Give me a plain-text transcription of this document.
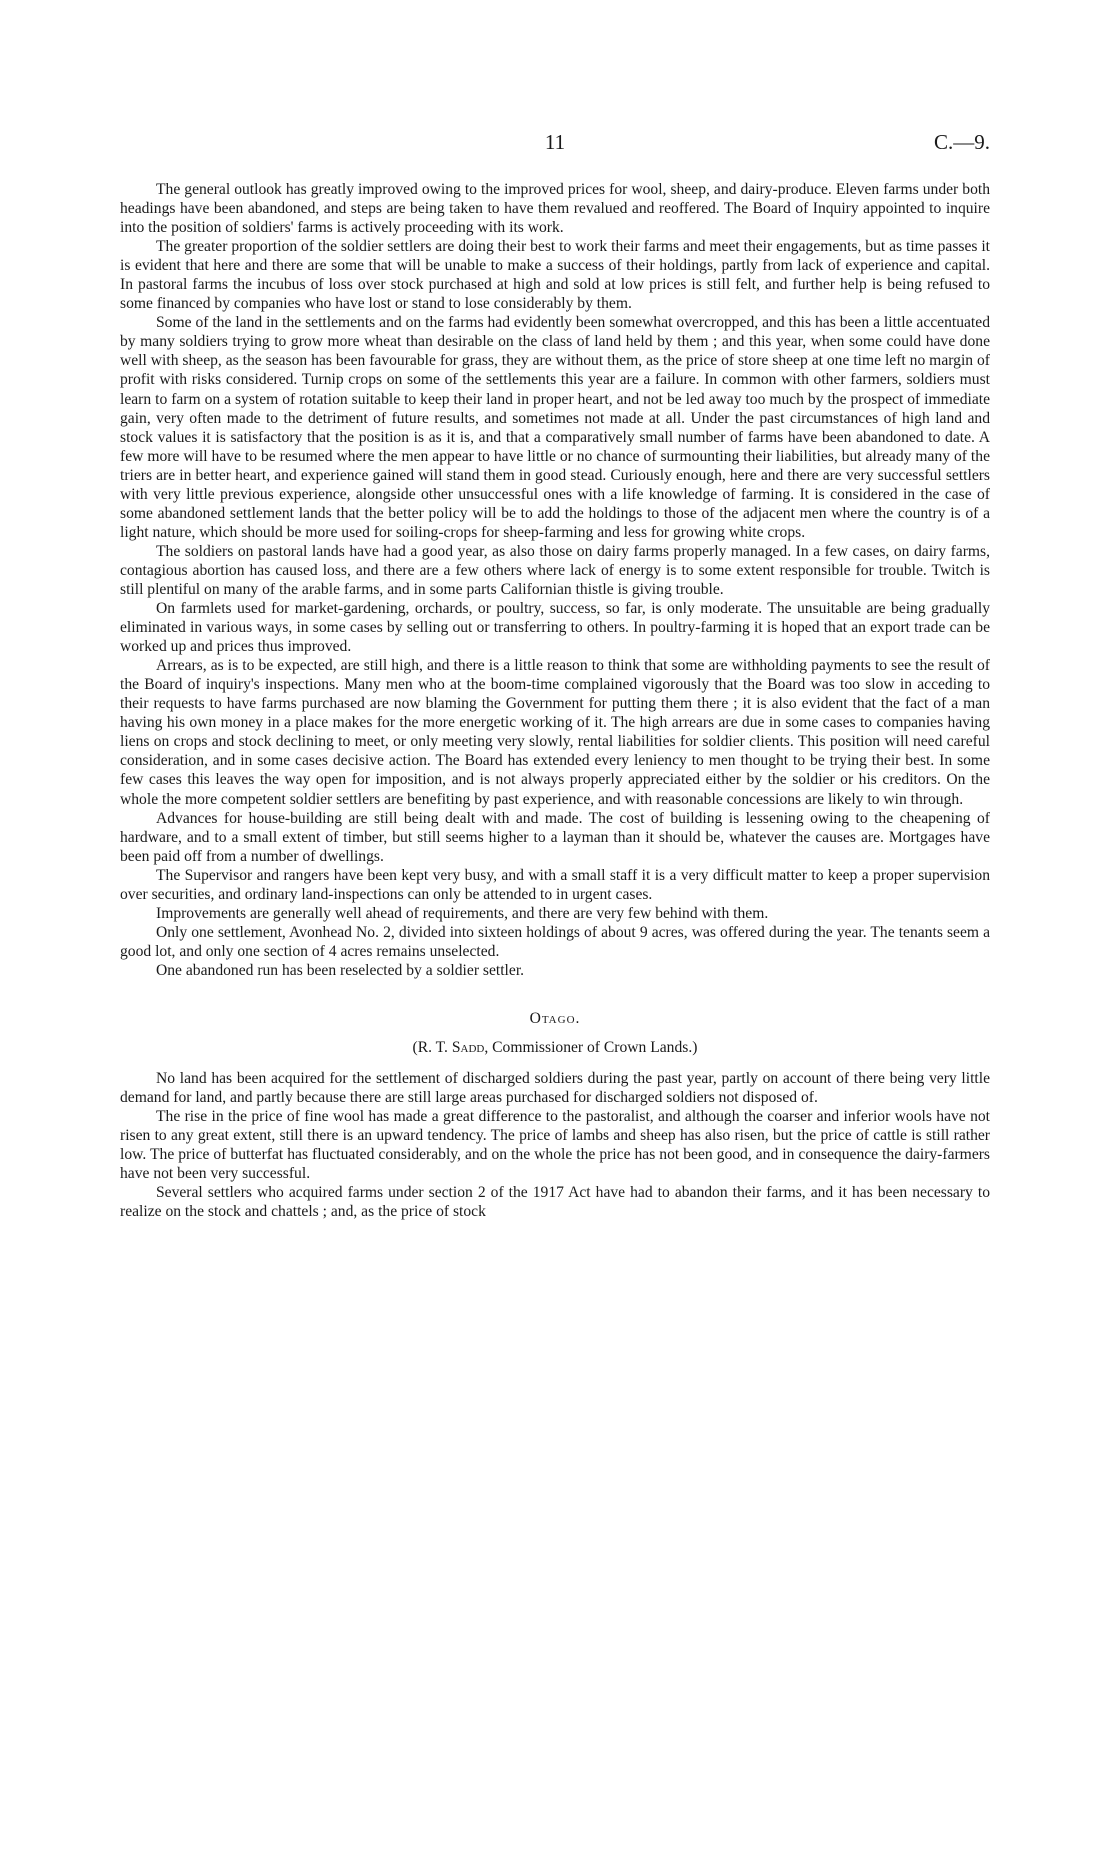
11	C.—9.

The general outlook has greatly improved owing to the improved prices for wool, sheep, and dairy-produce. Eleven farms under both headings have been abandoned, and steps are being taken to have them revalued and reoffered. The Board of Inquiry appointed to inquire into the position of soldiers' farms is actively proceeding with its work.

The greater proportion of the soldier settlers are doing their best to work their farms and meet their engagements, but as time passes it is evident that here and there are some that will be unable to make a success of their holdings, partly from lack of experience and capital. In pastoral farms the incubus of loss over stock purchased at high and sold at low prices is still felt, and further help is being refused to some financed by companies who have lost or stand to lose considerably by them.

Some of the land in the settlements and on the farms had evidently been somewhat overcropped, and this has been a little accentuated by many soldiers trying to grow more wheat than desirable on the class of land held by them ; and this year, when some could have done well with sheep, as the season has been favourable for grass, they are without them, as the price of store sheep at one time left no margin of profit with risks considered. Turnip crops on some of the settlements this year are a failure. In common with other farmers, soldiers must learn to farm on a system of rotation suitable to keep their land in proper heart, and not be led away too much by the prospect of immediate gain, very often made to the detriment of future results, and sometimes not made at all. Under the past circumstances of high land and stock values it is satisfactory that the position is as it is, and that a comparatively small number of farms have been abandoned to date. A few more will have to be resumed where the men appear to have little or no chance of surmounting their liabilities, but already many of the triers are in better heart, and experience gained will stand them in good stead. Curiously enough, here and there are very successful settlers with very little previous experience, alongside other unsuccessful ones with a life knowledge of farming. It is considered in the case of some abandoned settlement lands that the better policy will be to add the holdings to those of the adjacent men where the country is of a light nature, which should be more used for soiling-crops for sheep-farming and less for growing white crops.

The soldiers on pastoral lands have had a good year, as also those on dairy farms properly managed. In a few cases, on dairy farms, contagious abortion has caused loss, and there are a few others where lack of energy is to some extent responsible for trouble. Twitch is still plentiful on many of the arable farms, and in some parts Californian thistle is giving trouble.

On farmlets used for market-gardening, orchards, or poultry, success, so far, is only moderate. The unsuitable are being gradually eliminated in various ways, in some cases by selling out or transferring to others. In poultry-farming it is hoped that an export trade can be worked up and prices thus improved.

Arrears, as is to be expected, are still high, and there is a little reason to think that some are withholding payments to see the result of the Board of inquiry's inspections. Many men who at the boom-time complained vigorously that the Board was too slow in acceding to their requests to have farms purchased are now blaming the Government for putting them there ; it is also evident that the fact of a man having his own money in a place makes for the more energetic working of it. The high arrears are due in some cases to companies having liens on crops and stock declining to meet, or only meeting very slowly, rental liabilities for soldier clients. This position will need careful consideration, and in some cases decisive action. The Board has extended every leniency to men thought to be trying their best. In some few cases this leaves the way open for imposition, and is not always properly appreciated either by the soldier or his creditors. On the whole the more competent soldier settlers are benefiting by past experience, and with reasonable concessions are likely to win through.

Advances for house-building are still being dealt with and made. The cost of building is lessening owing to the cheapening of hardware, and to a small extent of timber, but still seems higher to a layman than it should be, whatever the causes are. Mortgages have been paid off from a number of dwellings.

The Supervisor and rangers have been kept very busy, and with a small staff it is a very difficult matter to keep a proper supervision over securities, and ordinary land-inspections can only be attended to in urgent cases.

Improvements are generally well ahead of requirements, and there are very few behind with them.

Only one settlement, Avonhead No. 2, divided into sixteen holdings of about 9 acres, was offered during the year. The tenants seem a good lot, and only one section of 4 acres remains unselected.

One abandoned run has been reselected by a soldier settler.

Otago.
(R. T. Sadd, Commissioner of Crown Lands.)

No land has been acquired for the settlement of discharged soldiers during the past year, partly on account of there being very little demand for land, and partly because there are still large areas purchased for discharged soldiers not disposed of.

The rise in the price of fine wool has made a great difference to the pastoralist, and although the coarser and inferior wools have not risen to any great extent, still there is an upward tendency. The price of lambs and sheep has also risen, but the price of cattle is still rather low. The price of butterfat has fluctuated considerably, and on the whole the price has not been good, and in consequence the dairy-farmers have not been very successful.

Several settlers who acquired farms under section 2 of the 1917 Act have had to abandon their farms, and it has been necessary to realize on the stock and chattels ; and, as the price of stock
